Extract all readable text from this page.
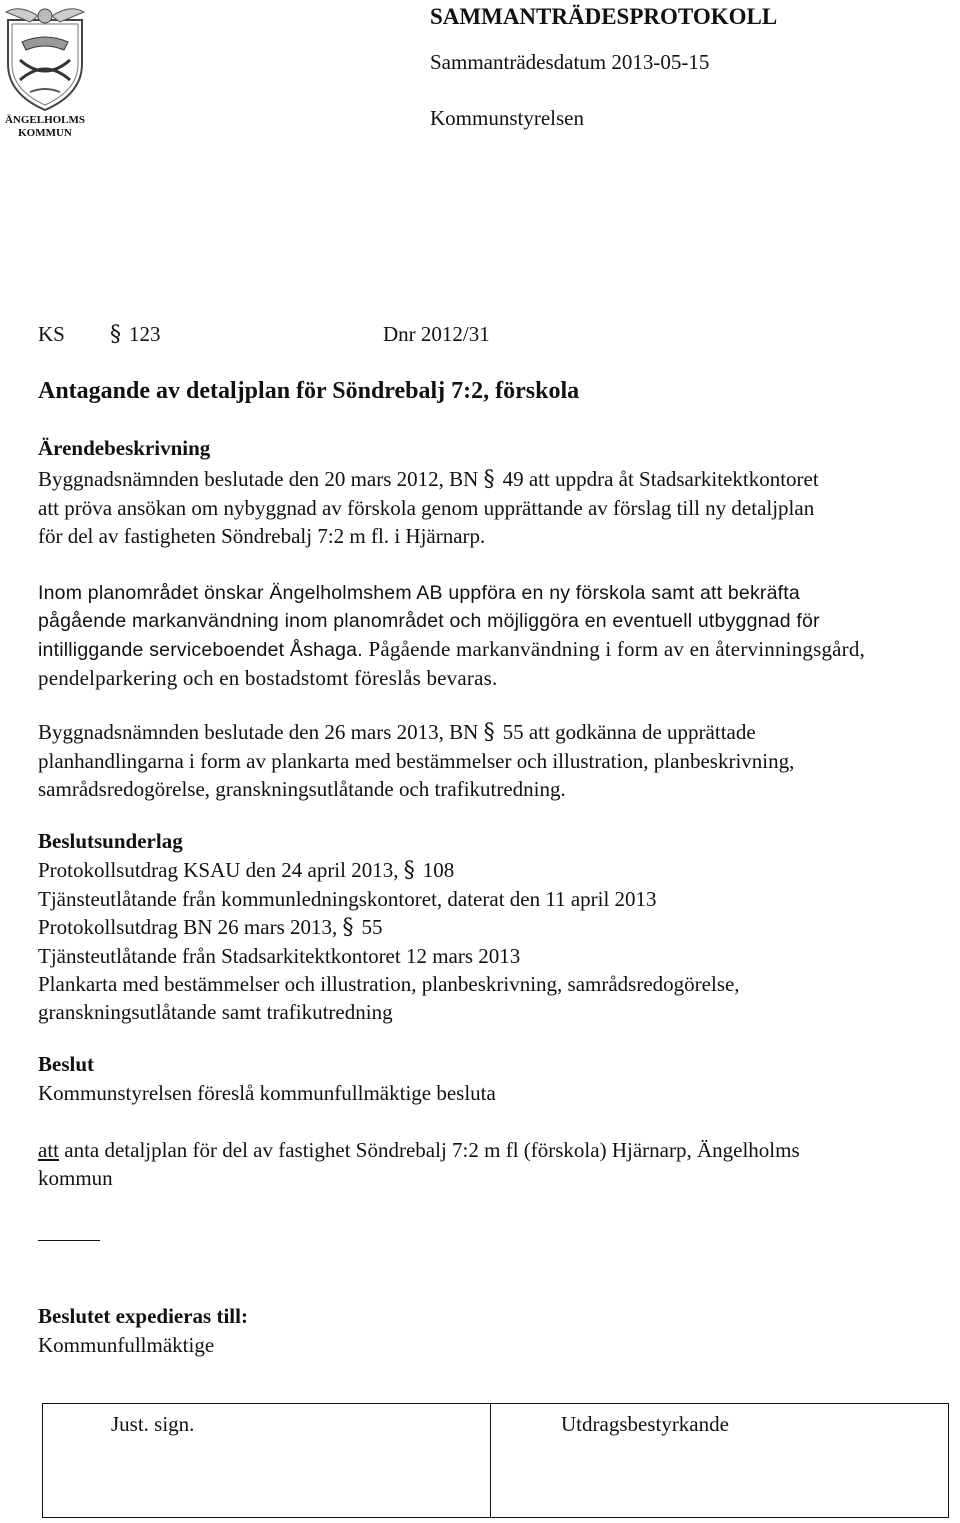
ÄNGELHOLMS
KOMMUN
SAMMANTRÄDESPROTOKOLL
Sammanträdesdatum 2013-05-15
Kommunstyrelsen
KS § 123	Dnr 2012/31
Antagande av detaljplan för Söndrebalj 7:2, förskola
Ärendebeskrivning
Byggnadsnämnden beslutade den 20 mars 2012, BN § 49 att uppdra åt Stadsarkitektkontoret
att pröva ansökan om nybyggnad av förskola genom upprättande av förslag till ny detaljplan
för del av fastigheten Söndrebalj 7:2 m fl. i Hjärnarp.
Inom planområdet önskar Ängelholmshem AB uppföra en ny förskola samt att bekräfta
pågående markanvändning inom planområdet och möjliggöra en eventuell utbyggnad för
intilliggande serviceboendet Åshaga. Pågående markanvändning i form av en återvinningsgård,
pendelparkering och en bostadstomt föreslås bevaras.
Byggnadsnämnden beslutade den 26 mars 2013, BN § 55 att godkänna de upprättade
planhandlingarna i form av plankarta med bestämmelser och illustration, planbeskrivning,
samrådsredogörelse, granskningsutlåtande och trafikutredning.
Beslutsunderlag
Protokollsutdrag KSAU den 24 april 2013, § 108
Tjänsteutlåtande från kommunledningskontoret, daterat den 11 april 2013
Protokollsutdrag BN 26 mars 2013, § 55
Tjänsteutlåtande från Stadsarkitektkontoret 12 mars 2013
Plankarta med bestämmelser och illustration, planbeskrivning, samrådsredogörelse,
granskningsutlåtande samt trafikutredning
Beslut
Kommunstyrelsen föreslå kommunfullmäktige besluta
att anta detaljplan för del av fastighet Söndrebalj 7:2 m fl (förskola) Hjärnarp, Ängelholms
kommun
Beslutet expedieras till:
Kommunfullmäktige
Just. sign.	Utdragsbestyrkande
